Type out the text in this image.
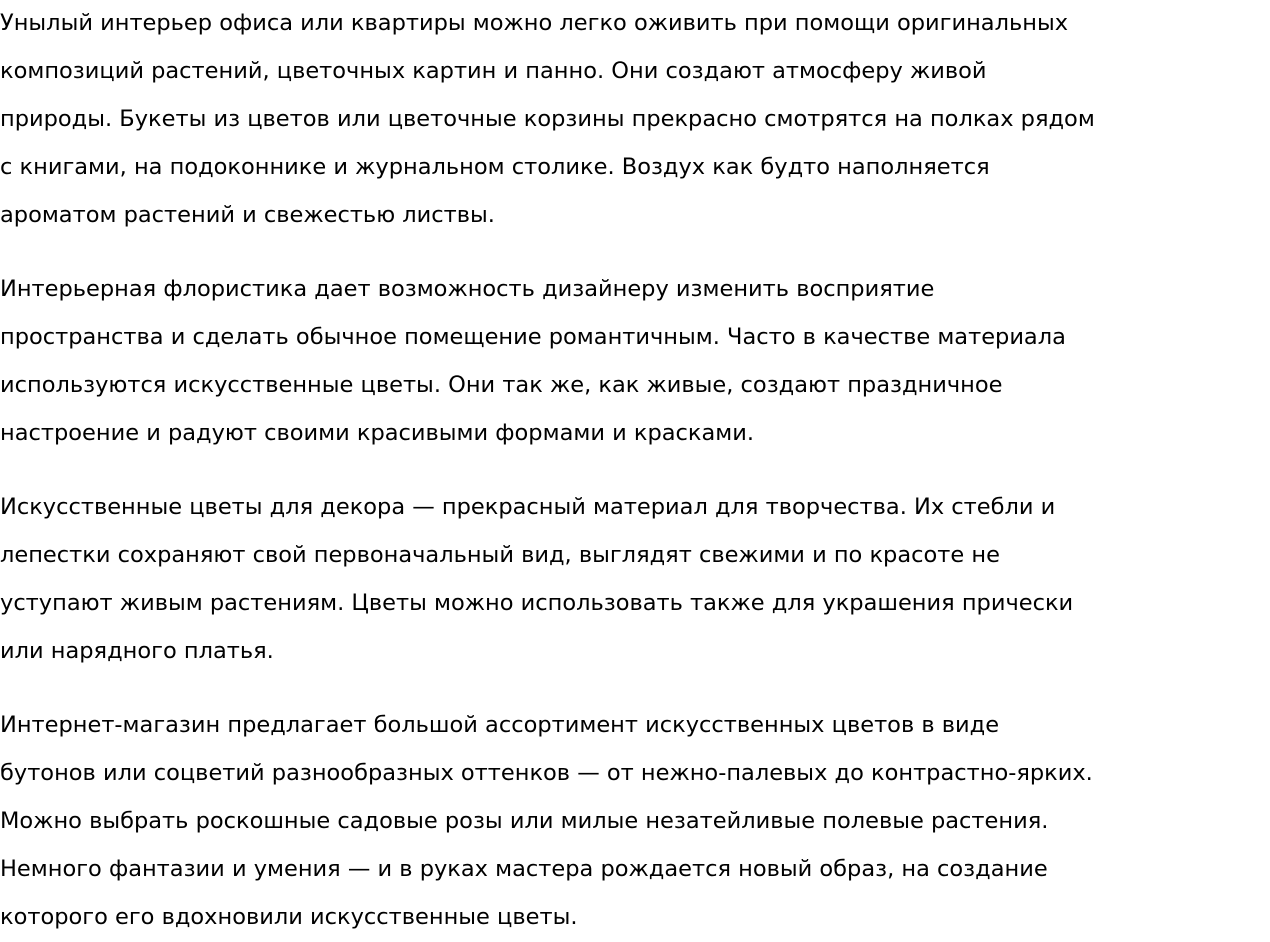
Унылый интерьер офиса или квартиры можно легко оживить при помощи оригинальных
композиций растений, цветочных картин и панно. Они создают атмосферу живой
природы. Букеты из цветов или цветочные корзины прекрасно смотрятся на полках рядом
с книгами, на подоконнике и журнальном столике. Воздух как будто наполняется
ароматом растений и свежестью листвы.

Интерьерная флористика дает возможность дизайнеру изменить восприятие
пространства и сделать обычное помещение романтичным. Часто в качестве материала
используются искусственные цветы. Они так же, как живые, создают праздничное
настроение и радуют своими красивыми формами и красками.

Искусственные цветы для декора — прекрасный материал для творчества. Их стебли и
лепестки сохраняют свой первоначальный вид, выглядят свежими и по красоте не
уступают живым растениям. Цветы можно использовать также для украшения прически
или нарядного платья.

Интернет-магазин предлагает большой ассортимент искусственных цветов в виде
бутонов или соцветий разнообразных оттенков — от нежно-палевых до контрастно-ярких.
Можно выбрать роскошные садовые розы или милые незатейливые полевые растения.
Немного фантазии и умения — и в руках мастера рождается новый образ, на создание
которого его вдохновили искусственные цветы.
